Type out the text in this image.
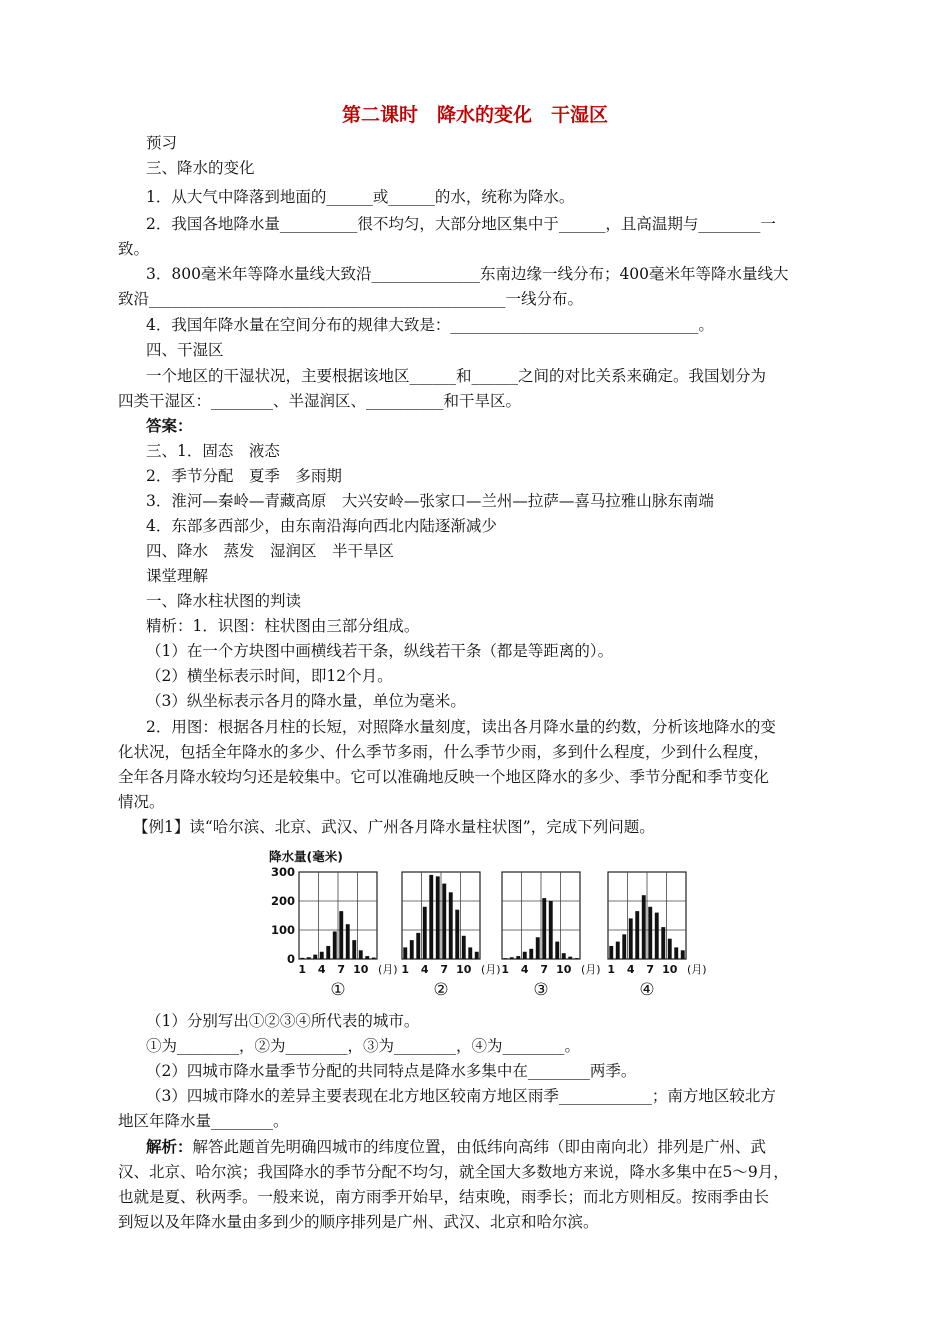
第二课时　降水的变化　干湿区
预习
三、降水的变化
1．从大气中降落到地面的______或______的水，统称为降水。
2．我国各地降水量__________很不均匀，大部分地区集中于______，且高温期与________一
致。
3．800毫米年等降水量线大致沿______________东南边缘一线分布；400毫米年等降水量线大
致沿______________________________________________一线分布。
4．我国年降水量在空间分布的规律大致是：________________________________。
四、干湿区
一个地区的干湿状况，主要根据该地区______和______之间的对比关系来确定。我国划分为
四类干湿区：________、半湿润区、__________和干旱区。
答案：
三、1．固态　液态
2．季节分配　夏季　多雨期
3．淮河—秦岭—青藏高原　大兴安岭—张家口—兰州—拉萨—喜马拉雅山脉东南端
4．东部多西部少，由东南沿海向西北内陆逐渐减少
四、降水　蒸发　湿润区　半干旱区
课堂理解
一、降水柱状图的判读
精析：1．识图：柱状图由三部分组成。
（1）在一个方块图中画横线若干条，纵线若干条（都是等距离的）。
（2）横坐标表示时间，即12个月。
（3）纵坐标表示各月的降水量，单位为毫米。
2．用图：根据各月柱的长短，对照降水量刻度，读出各月降水量的约数，分析该地降水的变
化状况，包括全年降水的多少、什么季节多雨，什么季节少雨，多到什么程度，少到什么程度，
全年各月降水较均匀还是较集中。它可以准确地反映一个地区降水的多少、季节分配和季节变化
情况。
【例1】读“哈尔滨、北京、武汉、广州各月降水量柱状图”，完成下列问题。
降水量(毫米)
300
200
100
0
1 4 7 10 (月)
①
1 4 7 10 (月)
②
1 4 7 10 (月)
③
1 4 7 10 (月)
④
（1）分别写出①②③④所代表的城市。
①为________，②为________，③为________，④为________。
（2）四城市降水量季节分配的共同特点是降水多集中在________两季。
（3）四城市降水的差异主要表现在北方地区较南方地区雨季____________；南方地区较北方
地区年降水量________。
解析：解答此题首先明确四城市的纬度位置，由低纬向高纬（即由南向北）排列是广州、武
汉、北京、哈尔滨；我国降水的季节分配不均匀，就全国大多数地方来说，降水多集中在5～9月，
也就是夏、秋两季。一般来说，南方雨季开始早，结束晚，雨季长；而北方则相反。按雨季由长
到短以及年降水量由多到少的顺序排列是广州、武汉、北京和哈尔滨。
